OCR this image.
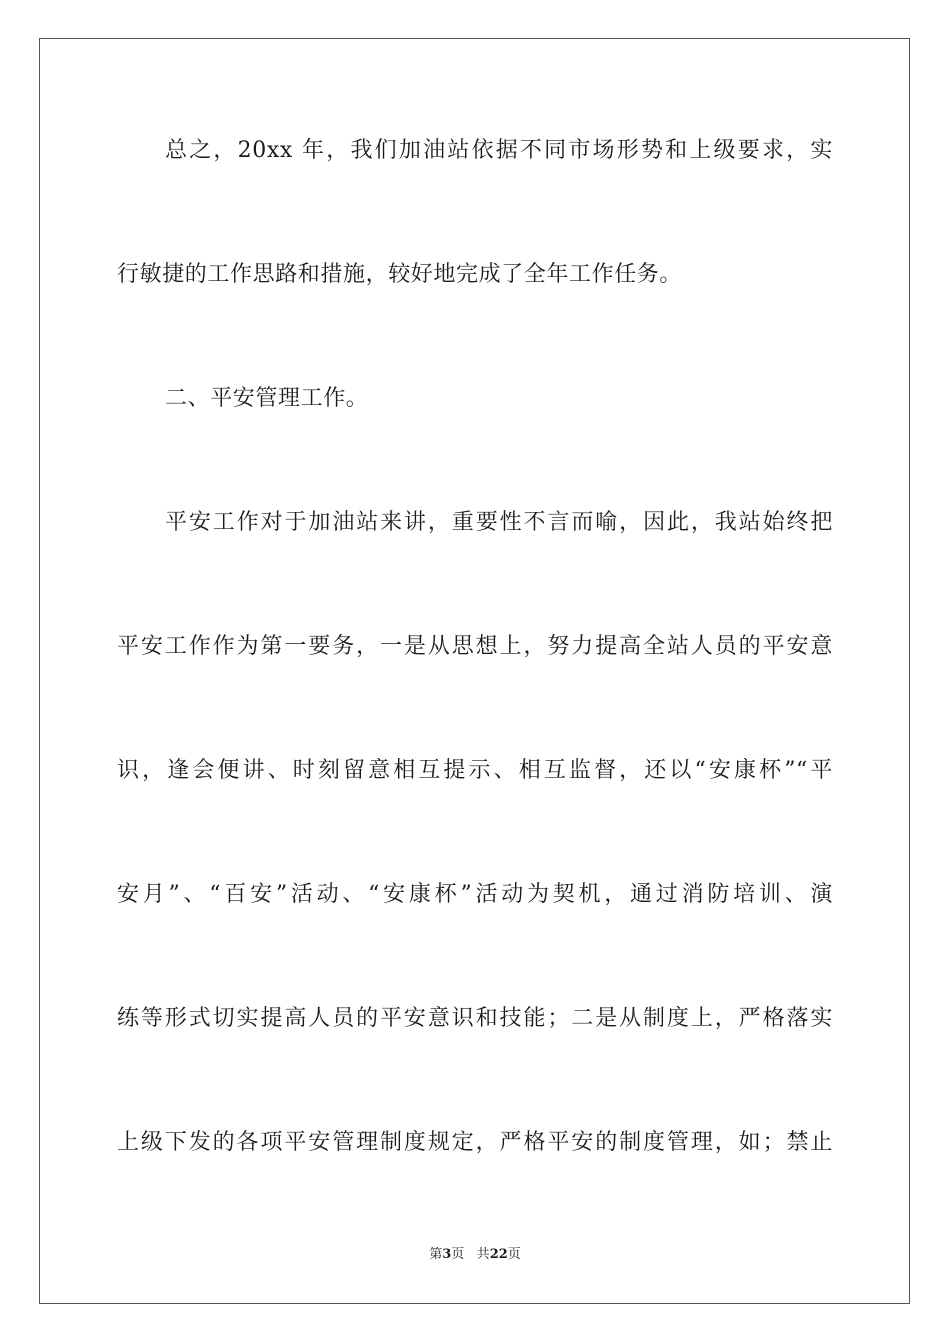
总之，20xx 年，我们加油站依据不同市场形势和上级要求，实
行敏捷的工作思路和措施，较好地完成了全年工作任务。
二、平安管理工作。
平安工作对于加油站来讲，重要性不言而喻，因此，我站始终把
平安工作作为第一要务，一是从思想上，努力提高全站人员的平安意
识，逢会便讲、时刻留意相互提示、相互监督，还以“安康杯”“平
安月”、“百安”活动、“安康杯”活动为契机，通过消防培训、演
练等形式切实提高人员的平安意识和技能；二是从制度上，严格落实
上级下发的各项平安管理制度规定，严格平安的制度管理，如；禁止
第3页 共22页
